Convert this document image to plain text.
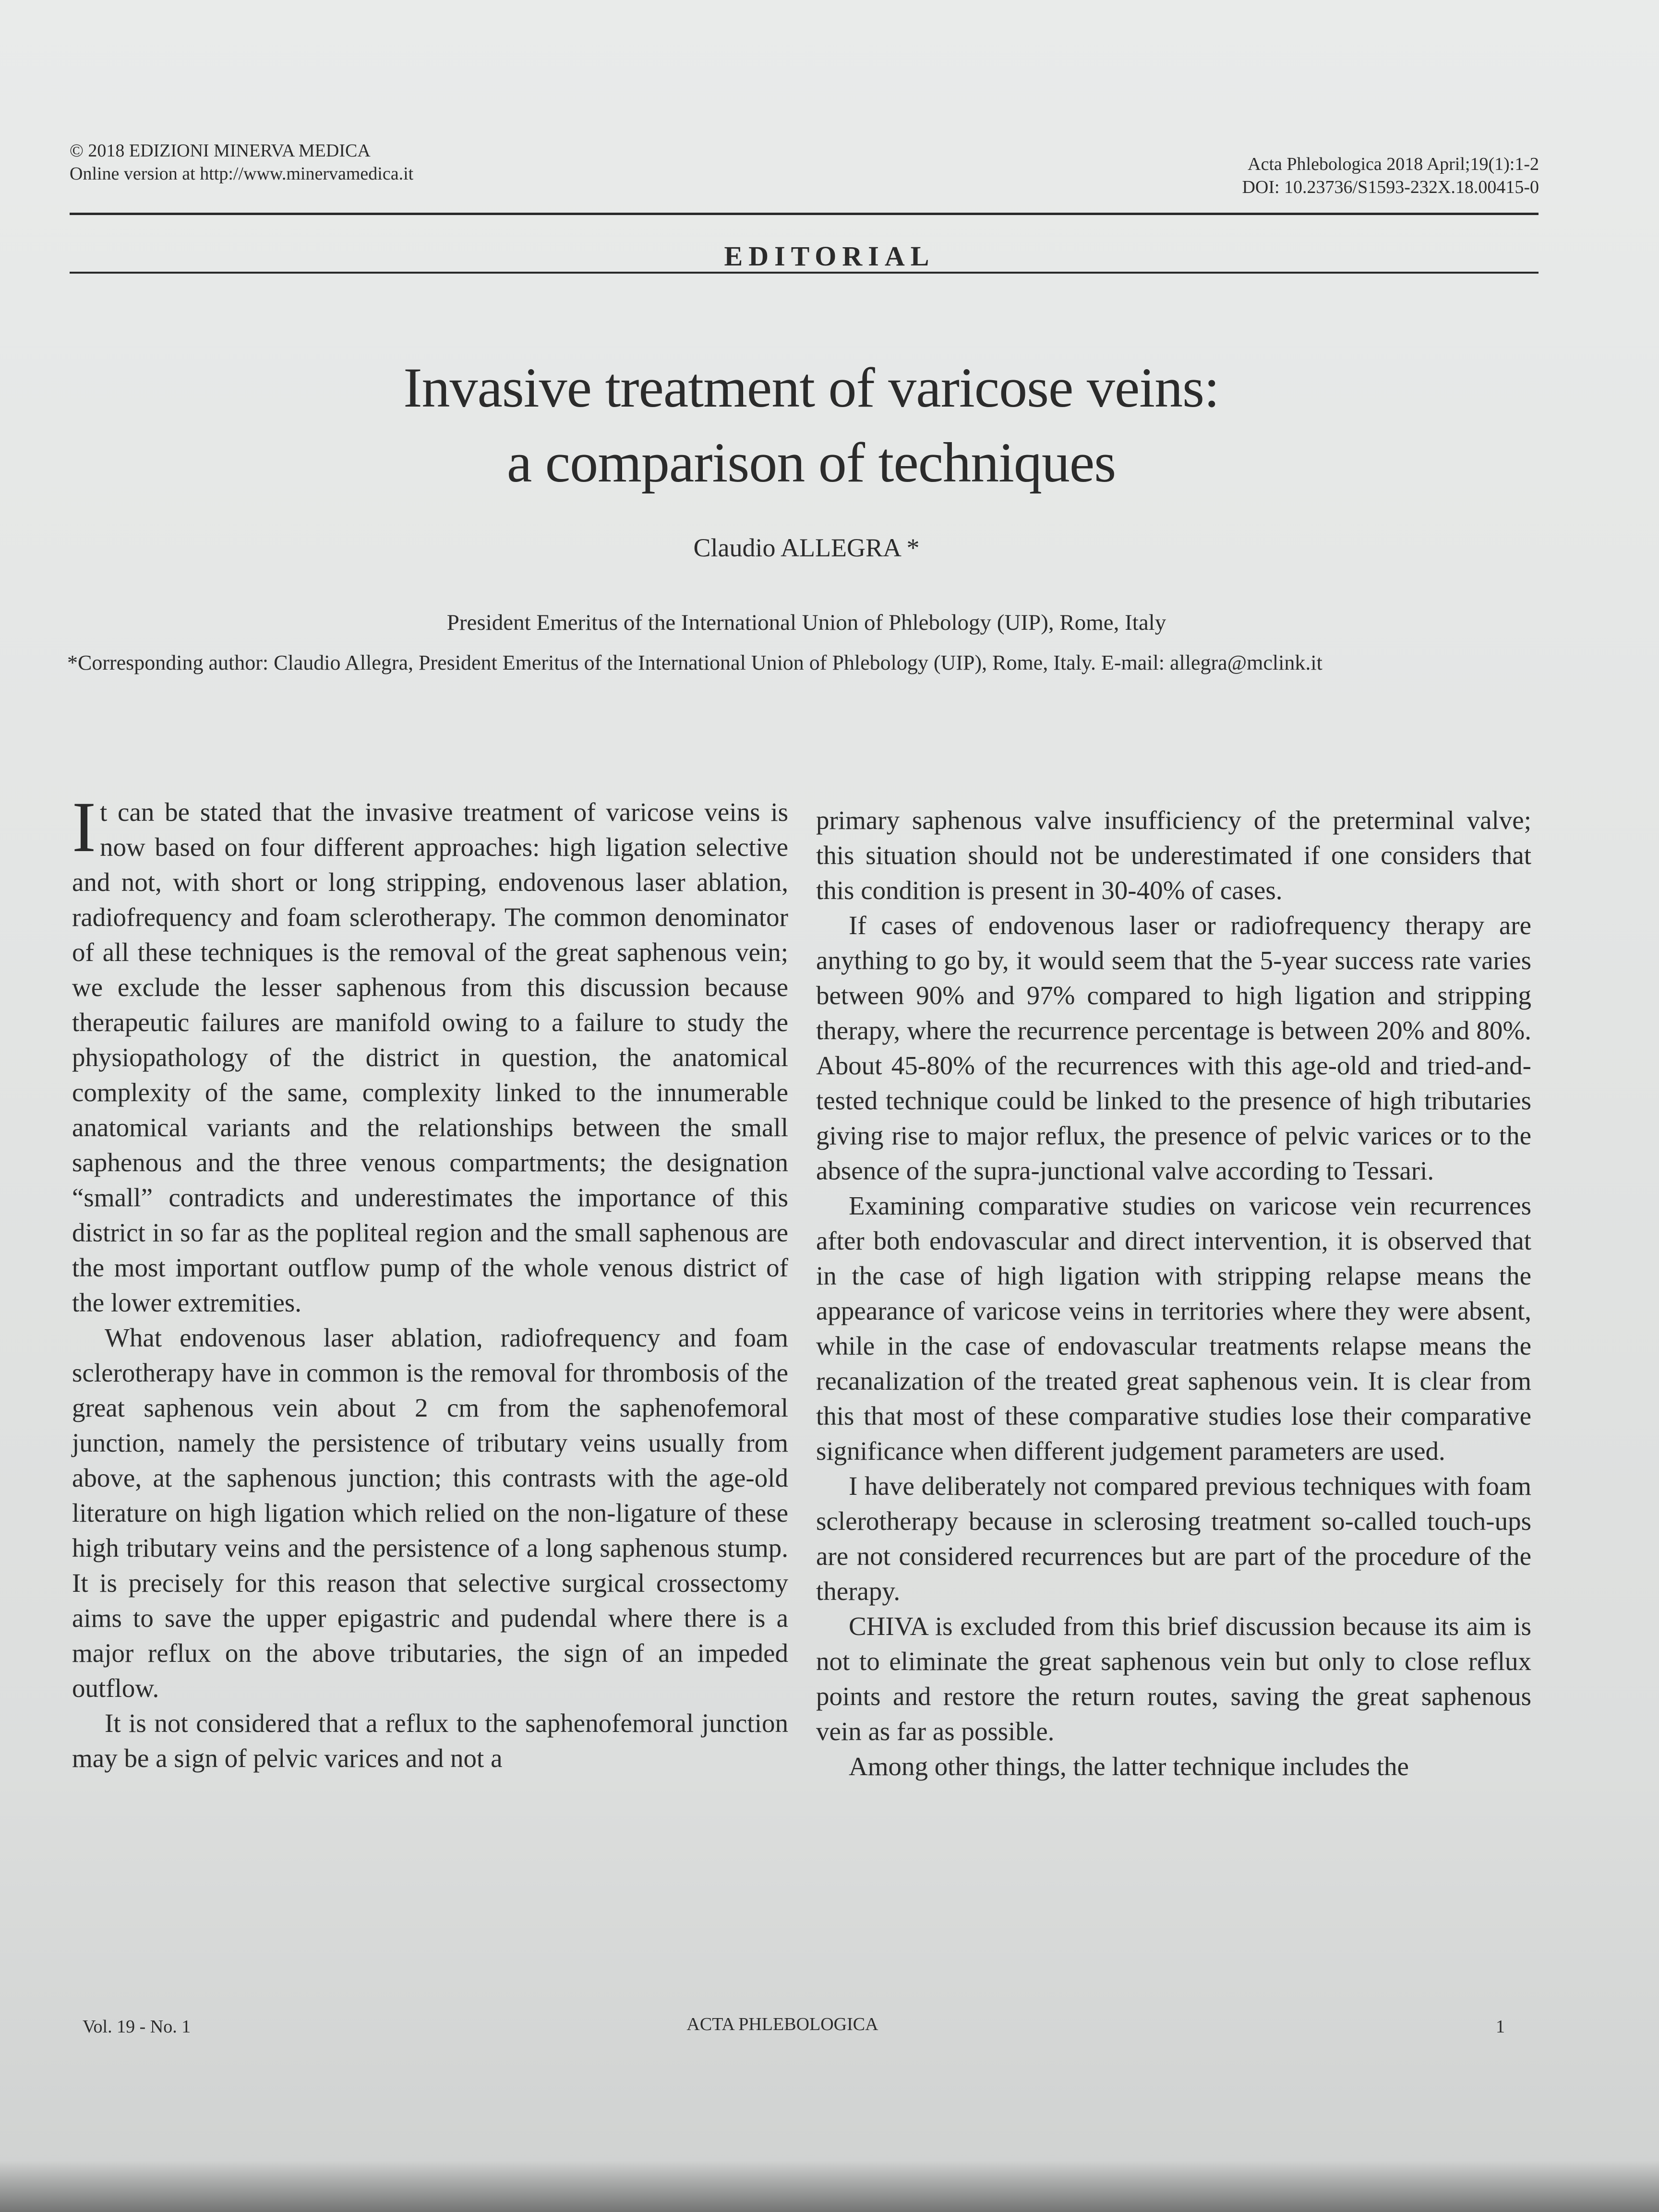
© 2018 EDIZIONI MINERVA MEDICA
Online version at http://www.minervamedica.it	Acta Phlebologica 2018 April;19(1):1-2
DOI: 10.23736/S1593-232X.18.00415-0
EDITORIAL
Invasive treatment of varicose veins:
a comparison of techniques
Claudio ALLEGRA *
President Emeritus of the International Union of Phlebology (UIP), Rome, Italy
*Corresponding author: Claudio Allegra, President Emeritus of the International Union of Phlebology (UIP), Rome, Italy. E-mail: allegra@mclink.it

It can be stated that the invasive treatment of varicose veins is now based on four different approaches: high ligation selective and not, with short or long stripping, endovenous laser ablation, radiofrequency and foam sclerotherapy. The common denominator of all these techniques is the removal of the great saphenous vein; we exclude the lesser saphenous from this discussion because therapeutic failures are manifold owing to a failure to study the physiopathology of the district in question, the anatomical complexity of the same, complexity linked to the innumerable anatomical variants and the relationships between the small saphenous and the three venous compartments; the designation “small” contradicts and underestimates the importance of this district in so far as the popliteal region and the small saphenous are the most important outflow pump of the whole venous district of the lower extremities.

What endovenous laser ablation, radiofrequency and foam sclerotherapy have in common is the removal for thrombosis of the great saphenous vein about 2 cm from the saphenofemoral junction, namely the persistence of tributary veins usually from above, at the saphenous junction; this contrasts with the age-old literature on high ligation which relied on the non-ligature of these high tributary veins and the persistence of a long saphenous stump. It is precisely for this reason that selective surgical crossectomy aims to save the upper epigastric and pudendal where there is a major reflux on the above tributaries, the sign of an impeded outflow.

It is not considered that a reflux to the saphenofemoral junction may be a sign of pelvic varices and not a

primary saphenous valve insufficiency of the preterminal valve; this situation should not be underestimated if one considers that this condition is present in 30-40% of cases.

If cases of endovenous laser or radiofrequency therapy are anything to go by, it would seem that the 5-year success rate varies between 90% and 97% compared to high ligation and stripping therapy, where the recurrence percentage is between 20% and 80%. About 45-80% of the recurrences with this age-old and tried-and-tested technique could be linked to the presence of high tributaries giving rise to major reflux, the presence of pelvic varices or to the absence of the supra-junctional valve according to Tessari.

Examining comparative studies on varicose vein recurrences after both endovascular and direct intervention, it is observed that in the case of high ligation with stripping relapse means the appearance of varicose veins in territories where they were absent, while in the case of endovascular treatments relapse means the recanalization of the treated great saphenous vein. It is clear from this that most of these comparative studies lose their comparative significance when different judgement parameters are used.

I have deliberately not compared previous techniques with foam sclerotherapy because in sclerosing treatment so-called touch-ups are not considered recurrences but are part of the procedure of the therapy.

CHIVA is excluded from this brief discussion because its aim is not to eliminate the great saphenous vein but only to close reflux points and restore the return routes, saving the great saphenous vein as far as possible.

Among other things, the latter technique includes the

Vol. 19 - No. 1	ACTA PHLEBOLOGICA	1
